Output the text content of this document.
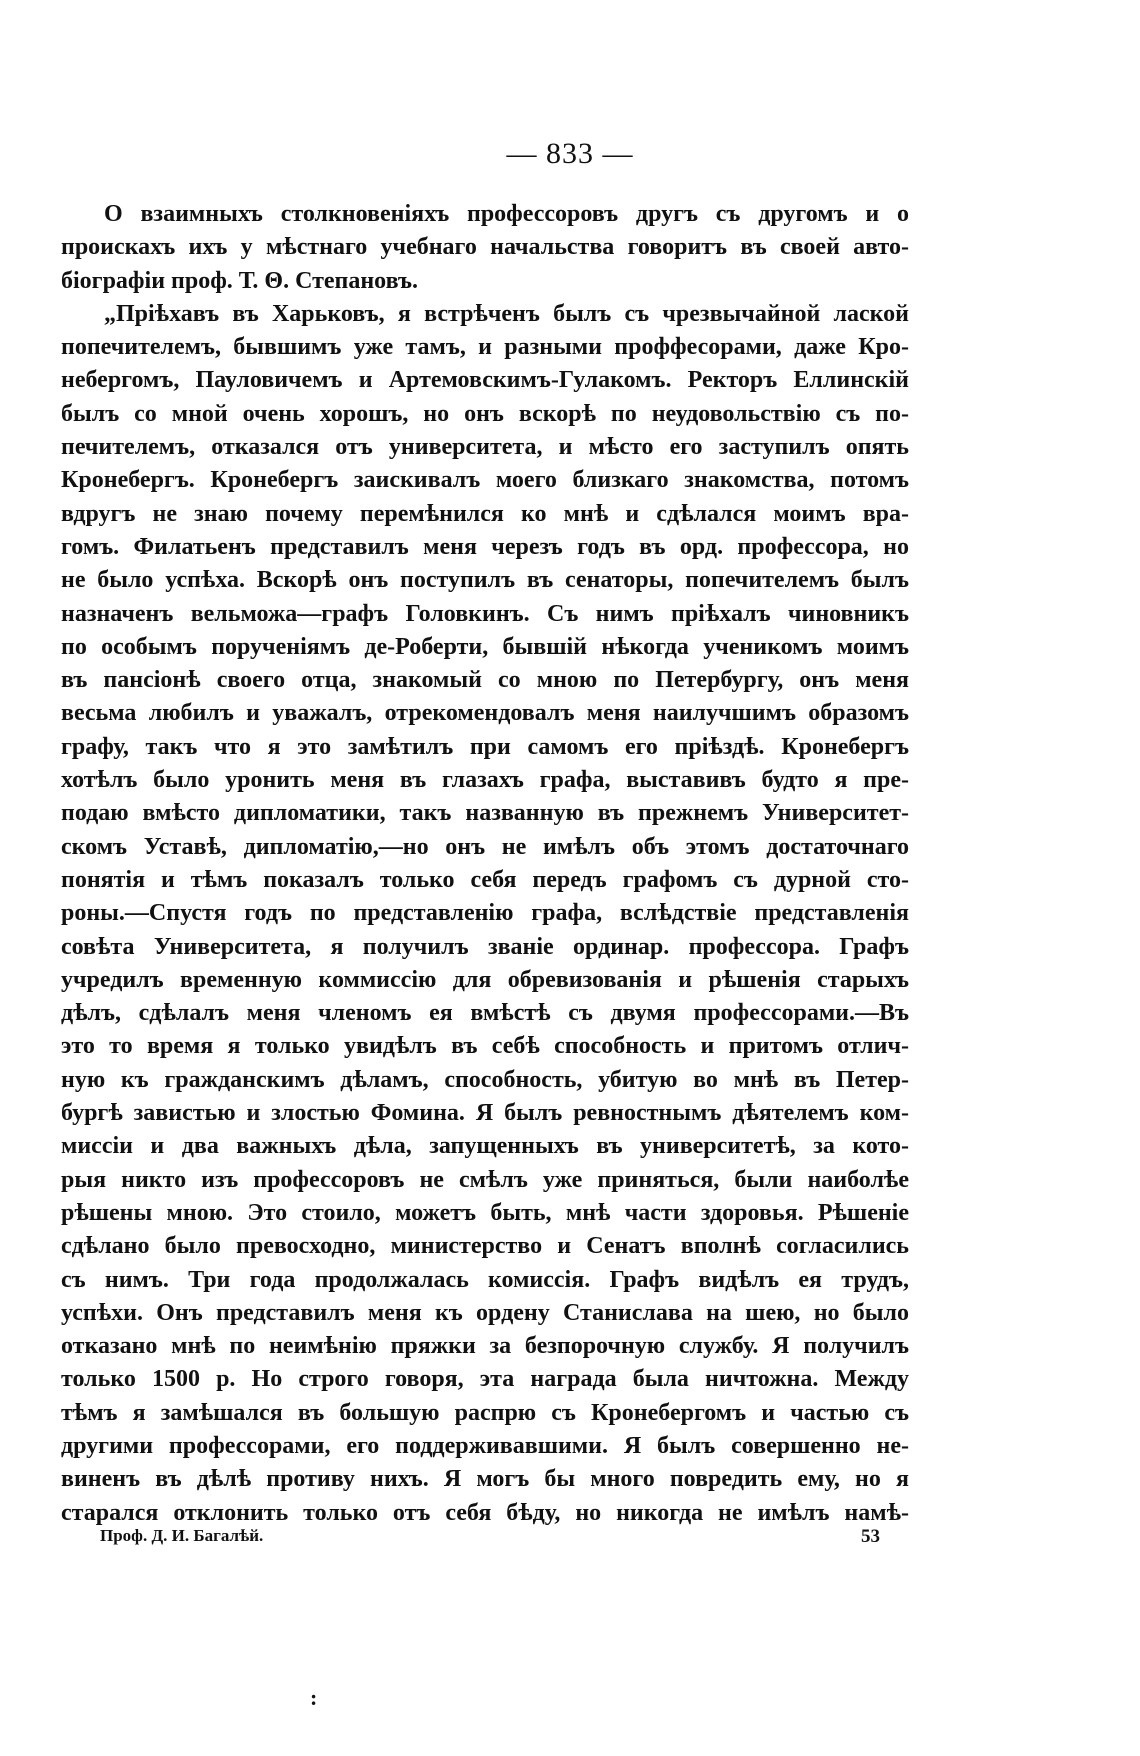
— 833 —
О взаимныхъ столкновеніяхъ профессоровъ другъ съ другомъ и о
проискахъ ихъ у мѣстнаго учебнаго начальства говоритъ въ своей авто-
біографіи проф. Т. Θ. Степановъ.
„Пріѣхавъ въ Харьковъ, я встрѣченъ былъ съ чрезвычайной лаской
попечителемъ, бывшимъ уже тамъ, и разными проффесорами, даже Кро-
небергомъ, Пауловичемъ и Артемовскимъ-Гулакомъ. Ректоръ Еллинскій
былъ со мной очень хорошъ, но онъ вскорѣ по неудовольствію съ по-
печителемъ, отказался отъ университета, и мѣсто его заступилъ опять
Кронебергъ. Кронебергъ заискивалъ моего близкаго знакомства, потомъ
вдругъ не знаю почему перемѣнился ко мнѣ и сдѣлался моимъ вра-
гомъ. Филатьенъ представилъ меня черезъ годъ въ орд. профессора, но
не было успѣха. Вскорѣ онъ поступилъ въ сенаторы, попечителемъ былъ
назначенъ вельможа—графъ Головкинъ. Съ нимъ пріѣхалъ чиновникъ
по особымъ порученіямъ де-Роберти, бывшій нѣкогда ученикомъ моимъ
въ пансіонѣ своего отца, знакомый со мною по Петербургу, онъ меня
весьма любилъ и уважалъ, отрекомендовалъ меня наилучшимъ образомъ
графу, такъ что я это замѣтилъ при самомъ его пріѣздѣ. Кронебергъ
хотѣлъ было уронить меня въ глазахъ графа, выставивъ будто я пре-
подаю вмѣсто дипломатики, такъ названную въ прежнемъ Университет-
скомъ Уставѣ, дипломатію,—но онъ не имѣлъ объ этомъ достаточнаго
понятія и тѣмъ показалъ только себя передъ графомъ съ дурной сто-
роны.—Спустя годъ по представленію графа, вслѣдствіе представленія
совѣта Университета, я получилъ званіе ординар. профессора. Графъ
учредилъ временную коммиссію для обревизованія и рѣшенія старыхъ
дѣлъ, сдѣлалъ меня членомъ ея вмѣстѣ съ двумя профессорами.—Въ
это то время я только увидѣлъ въ себѣ способность и притомъ отлич-
ную къ гражданскимъ дѣламъ, способность, убитую во мнѣ въ Петер-
бургѣ завистью и злостью Фомина. Я былъ ревностнымъ дѣятелемъ ком-
миссіи и два важныхъ дѣла, запущенныхъ въ университетѣ, за кото-
рыя никто изъ профессоровъ не смѣлъ уже приняться, были наиболѣе
рѣшены мною. Это стоило, можетъ быть, мнѣ части здоровья. Рѣшеніе
сдѣлано было превосходно, министерство и Сенатъ вполнѣ согласились
съ нимъ. Три года продолжалась комиссія. Графъ видѣлъ ея трудъ,
успѣхи. Онъ представилъ меня къ ордену Станислава на шею, но было
отказано мнѣ по неимѣнію пряжки за безпорочную службу. Я получилъ
только 1500 р. Но строго говоря, эта награда была ничтожна. Между
тѣмъ я замѣшался въ большую распрю съ Кронебергомъ и частью съ
другими профессорами, его поддерживавшими. Я былъ совершенно не-
виненъ въ дѣлѣ противу нихъ. Я могъ бы много повредить ему, но я
старался отклонить только отъ себя бѣду, но никогда не имѣлъ намѣ-
Проф. Д. И. Багалѣй.	53
:
